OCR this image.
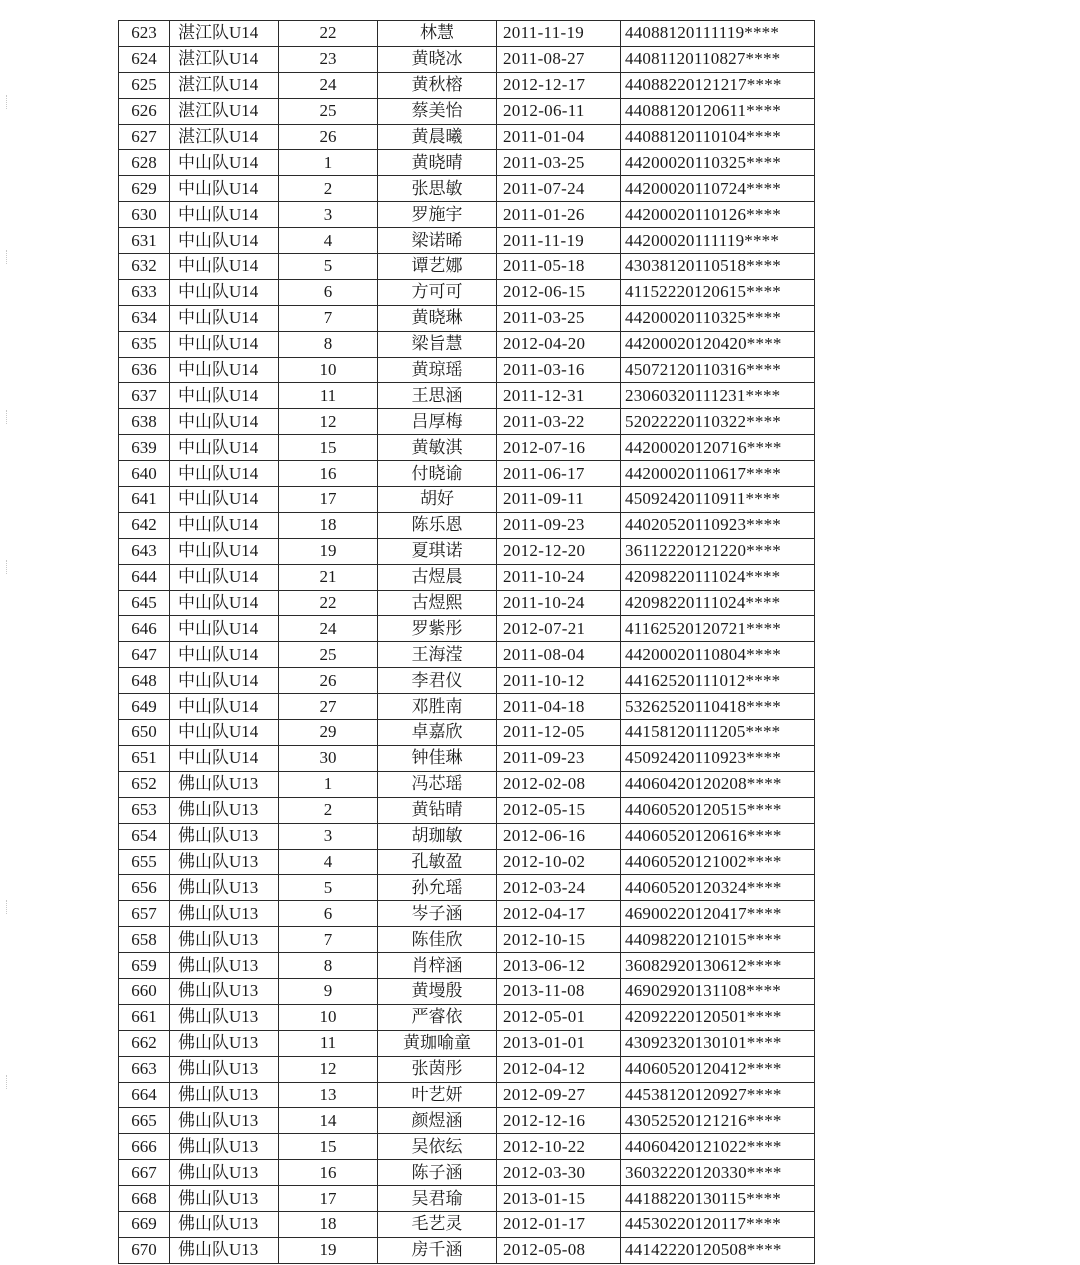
623	湛江队U14	22	林慧	2011-11-19	44088120111119****
624	湛江队U14	23	黄晓冰	2011-08-27	44081120110827****
625	湛江队U14	24	黄秋榕	2012-12-17	44088220121217****
626	湛江队U14	25	蔡美怡	2012-06-11	44088120120611****
627	湛江队U14	26	黄晨曦	2011-01-04	44088120110104****
628	中山队U14	1	黄晓晴	2011-03-25	44200020110325****
629	中山队U14	2	张思敏	2011-07-24	44200020110724****
630	中山队U14	3	罗施宇	2011-01-26	44200020110126****
631	中山队U14	4	梁诺晞	2011-11-19	44200020111119****
632	中山队U14	5	谭艺娜	2011-05-18	43038120110518****
633	中山队U14	6	方可可	2012-06-15	41152220120615****
634	中山队U14	7	黄晓琳	2011-03-25	44200020110325****
635	中山队U14	8	梁旨慧	2012-04-20	44200020120420****
636	中山队U14	10	黄琼瑶	2011-03-16	45072120110316****
637	中山队U14	11	王思涵	2011-12-31	23060320111231****
638	中山队U14	12	吕厚梅	2011-03-22	52022220110322****
639	中山队U14	15	黄敏淇	2012-07-16	44200020120716****
640	中山队U14	16	付晓谕	2011-06-17	44200020110617****
641	中山队U14	17	胡好	2011-09-11	45092420110911****
642	中山队U14	18	陈乐恩	2011-09-23	44020520110923****
643	中山队U14	19	夏琪诺	2012-12-20	36112220121220****
644	中山队U14	21	古煜晨	2011-10-24	42098220111024****
645	中山队U14	22	古煜熙	2011-10-24	42098220111024****
646	中山队U14	24	罗紫彤	2012-07-21	41162520120721****
647	中山队U14	25	王海滢	2011-08-04	44200020110804****
648	中山队U14	26	李君仪	2011-10-12	44162520111012****
649	中山队U14	27	邓胜南	2011-04-18	53262520110418****
650	中山队U14	29	卓嘉欣	2011-12-05	44158120111205****
651	中山队U14	30	钟佳琳	2011-09-23	45092420110923****
652	佛山队U13	1	冯芯瑶	2012-02-08	44060420120208****
653	佛山队U13	2	黄钻晴	2012-05-15	44060520120515****
654	佛山队U13	3	胡珈敏	2012-06-16	44060520120616****
655	佛山队U13	4	孔敏盈	2012-10-02	44060520121002****
656	佛山队U13	5	孙允瑶	2012-03-24	44060520120324****
657	佛山队U13	6	岑子涵	2012-04-17	46900220120417****
658	佛山队U13	7	陈佳欣	2012-10-15	44098220121015****
659	佛山队U13	8	肖梓涵	2013-06-12	36082920130612****
660	佛山队U13	9	黄墁殷	2013-11-08	46902920131108****
661	佛山队U13	10	严睿依	2012-05-01	42092220120501****
662	佛山队U13	11	黄珈喻童	2013-01-01	43092320130101****
663	佛山队U13	12	张茵彤	2012-04-12	44060520120412****
664	佛山队U13	13	叶艺妍	2012-09-27	44538120120927****
665	佛山队U13	14	颜煜涵	2012-12-16	43052520121216****
666	佛山队U13	15	吴依纭	2012-10-22	44060420121022****
667	佛山队U13	16	陈子涵	2012-03-30	36032220120330****
668	佛山队U13	17	吴君瑜	2013-01-15	44188220130115****
669	佛山队U13	18	毛艺灵	2012-01-17	44530220120117****
670	佛山队U13	19	房千涵	2012-05-08	44142220120508****
